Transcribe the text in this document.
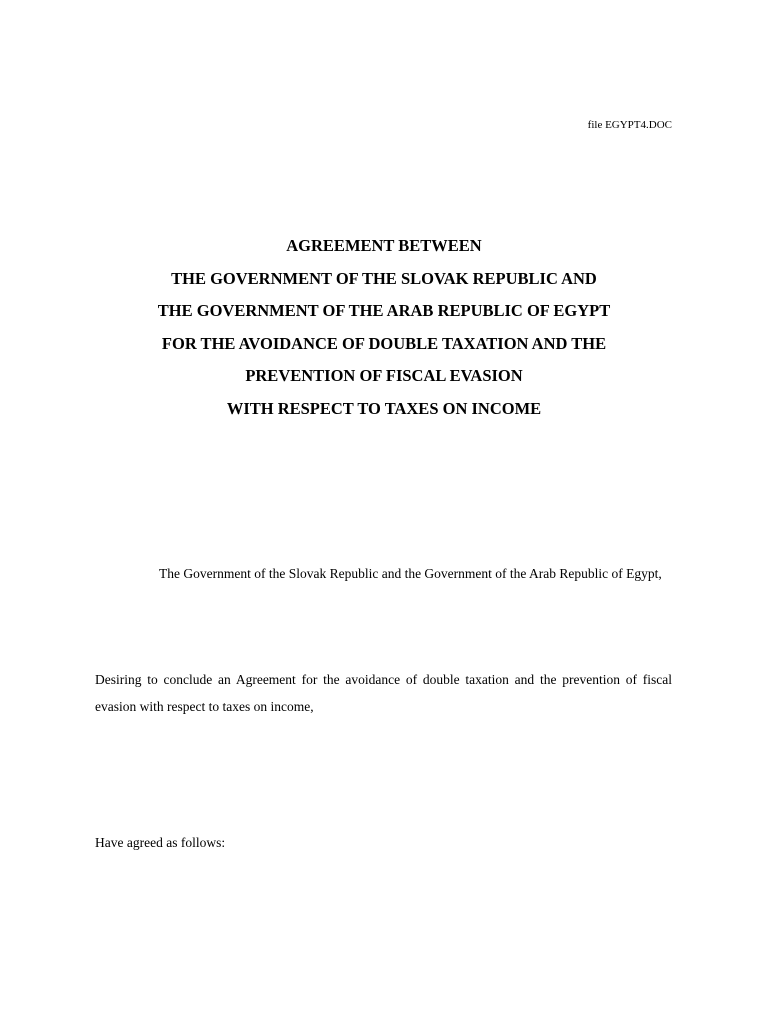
file EGYPT4.DOC
AGREEMENT BETWEEN
THE GOVERNMENT OF THE SLOVAK REPUBLIC AND
THE GOVERNMENT OF THE ARAB REPUBLIC OF EGYPT
FOR THE AVOIDANCE OF DOUBLE TAXATION AND THE
PREVENTION OF FISCAL EVASION
WITH RESPECT TO TAXES ON INCOME

The Government of the Slovak Republic and the Government of the Arab Republic of Egypt,

Desiring to conclude an Agreement for the avoidance of double taxation and the prevention of fiscal evasion with respect to taxes on income,

Have agreed as follows:
